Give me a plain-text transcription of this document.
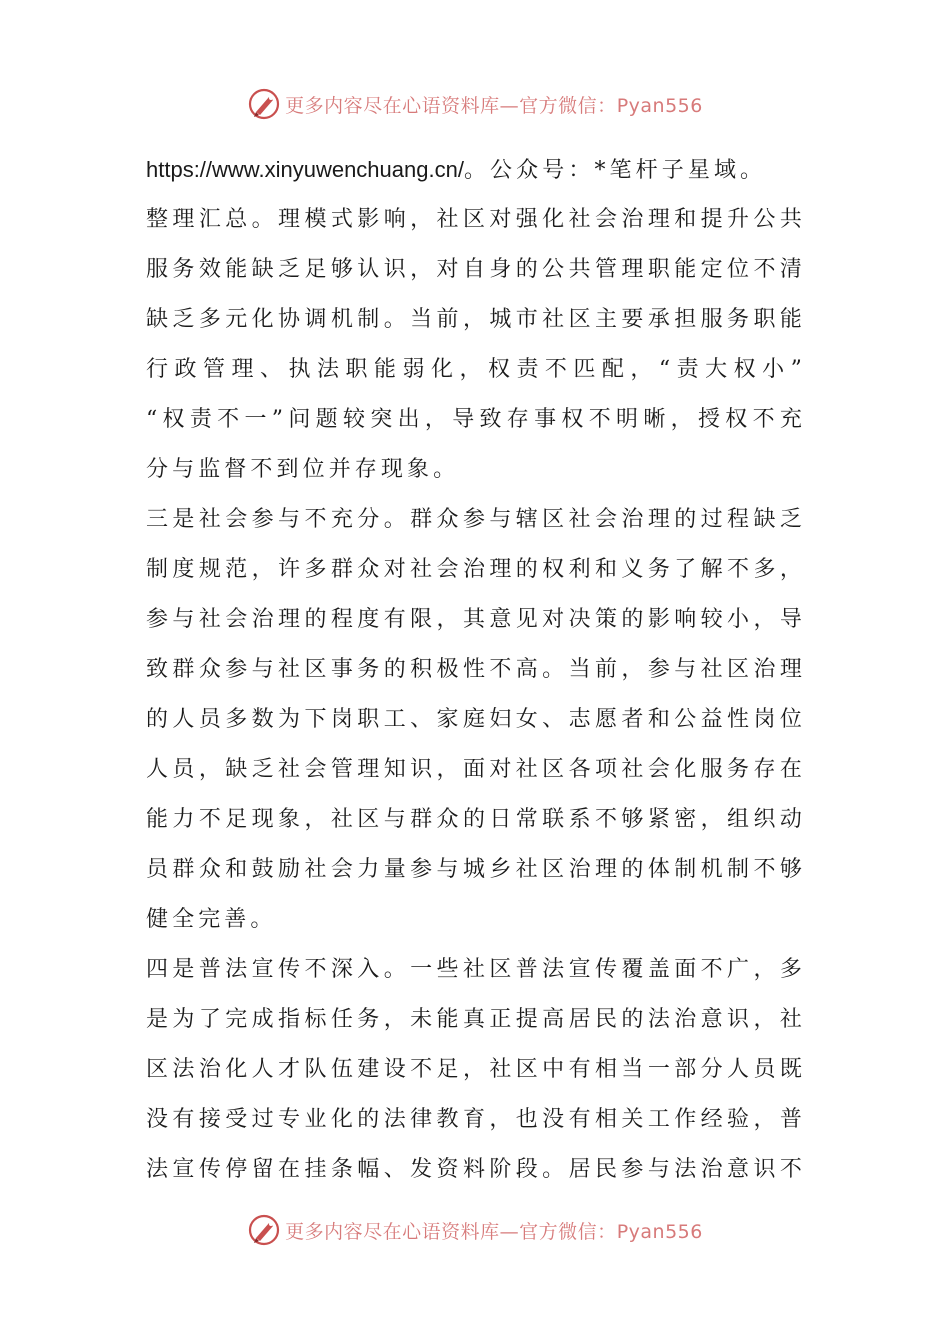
更多内容尽在心语资料库—官方微信：Pyan556
https://www.xinyuwenchuang.cn/。公众号：*笔杆子星域。
整理汇总。理模式影响，社区对强化社会治理和提升公共
服务效能缺乏足够认识，对自身的公共管理职能定位不清
缺乏多元化协调机制。当前，城市社区主要承担服务职能
行政管理、执法职能弱化，权责不匹配，“责大权小”
“权责不一”问题较突出，导致存事权不明晰，授权不充
分与监督不到位并存现象。
三是社会参与不充分。群众参与辖区社会治理的过程缺乏
制度规范，许多群众对社会治理的权利和义务了解不多，
参与社会治理的程度有限，其意见对决策的影响较小，导
致群众参与社区事务的积极性不高。当前，参与社区治理
的人员多数为下岗职工、家庭妇女、志愿者和公益性岗位
人员，缺乏社会管理知识，面对社区各项社会化服务存在
能力不足现象，社区与群众的日常联系不够紧密，组织动
员群众和鼓励社会力量参与城乡社区治理的体制机制不够
健全完善。
四是普法宣传不深入。一些社区普法宣传覆盖面不广，多
是为了完成指标任务，未能真正提高居民的法治意识，社
区法治化人才队伍建设不足，社区中有相当一部分人员既
没有接受过专业化的法律教育，也没有相关工作经验，普
法宣传停留在挂条幅、发资料阶段。居民参与法治意识不
更多内容尽在心语资料库—官方微信：Pyan556
